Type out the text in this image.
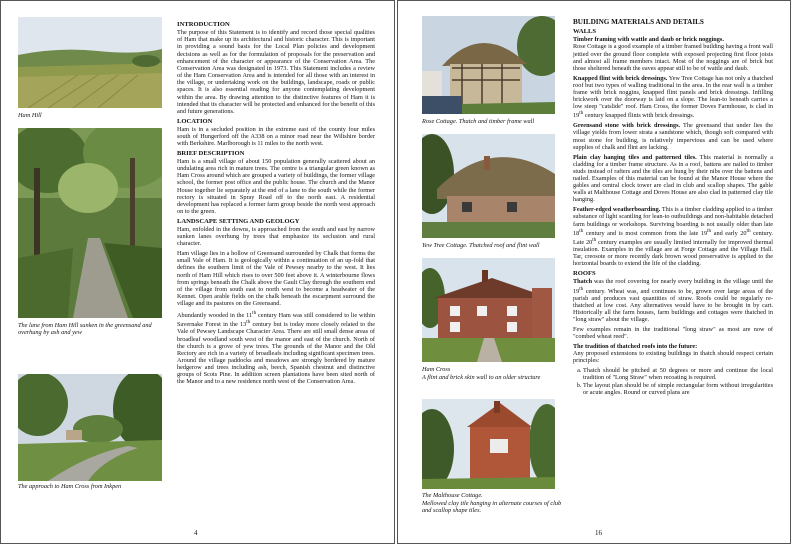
Ham Hill
The lane from Ham Hill sunken in the greensand and overhung by ash and yew
The approach to Ham Cross from Inkpen
INTRODUCTION

The purpose of this Statement is to identify and record those special qualities of Ham that make up its architectural and historic character. This is important in providing a sound basis for the Local Plan policies and development decisions as well as for the formulation of proposals for the preservation and enhancement of the character or appearance of the Conservation Area. The Conservation Area was designated in 1973. This Statement includes a review of the Ham Conservation Area and is intended for all those with an interest in the village, or undertaking work on the buildings, landscape, roads or public spaces. It is also essential reading for anyone contemplating development within the area. By drawing attention to the distinctive features of Ham it is intended that its character will be protected and enhanced for the benefit of this and future generations.

LOCATION

Ham is in a secluded position in the extreme east of the county four miles south of Hungerford off the A338 on a minor road near the Wiltshire border with Berkshire. Marlborough is 11 miles to the north west.

BRIEF DESCRIPTION

Ham is a small village of about 150 population generally scattered about an undulating area rich in mature trees. The centre is a triangular green known as Ham Cross around which are grouped a variety of buildings, the former village school, the former post office and the public house. The church and the Manor House together lie separately at the end of a lane to the south while the former rectory is situated in Spray Road off to the north east. A residential development has replaced a former farm group beside the north west approach on to the green.

LANDSCAPE SETTING AND GEOLOGY

Ham, enfolded in the downs, is approached from the south and east by narrow sunken lanes overhung by trees that emphasize its seclusion and rural character.

Ham village lies in a hollow of Greensand surrounded by Chalk that forms the small Vale of Ham. It is geologically within a continuation of an up-fold that defines the southern limit of the Vale of Pewsey nearby to the west. It lies north of Ham Hill which rises to over 500 feet above it. A winterbourne flows from springs beneath the Chalk above the Gault Clay through the southern end of the village from south east to north west to become a headwater of the Kennet. Open arable fields on the chalk beneath the escarpment surround the village and its pastures on the Greensand.

Abundantly wooded in the 11th century Ham was still considered to lie within Savernake Forest in the 13th century but is today more closely related to the Vale of Pewsey Landscape Character Area. There are still small dense areas of broadleaf woodland south west of the manor and east of the church. North of the church is a grove of yew trees. The grounds of the Manor and the Old Rectory are rich in a variety of broadleafs including significant specimen trees. Around the village paddocks and meadows are strongly bordered by mature hedgerow and trees including ash, beech, Spanish chestnut and distinctive groups of Scots Pine. In addition screen plantations have been sited north of the Manor and to a new residence north west of the Conservation Area.

4
Rose Cottage. Thatch and timber frame wall
Yew Tree Cottage. Thatched roof and flint wall
Ham Cross
A flint and brick skin wall to an older structure
The Malthouse Cottage.
Mellowed clay tile hanging in alternate courses of club and scallop shape tiles.
BUILDING MATERIALS AND DETAILS
WALLS

Timber framing with wattle and daub or brick noggings.
Rose Cottage is a good example of a timber framed building having a front wall jettied over the ground floor complete with exposed projecting first floor joists and almost all frame members intact. Most of the noggings are of brick but those sheltered beneath the eaves appear still to be of wattle and daub.

Knapped flint with brick dressings. Yew Tree Cottage has not only a thatched roof but two types of walling traditional in the area. In the rear wall is a timber frame with brick noggins, knapped flint panels and brick dressings. Infilling brickwork over the doorway is laid on a slope. The lean-to beneath carries a low steep "catslide" roof. Ham Cross, the former Doves Farmhouse, is clad in 19th century knapped flints with brick dressings.

Greensand stone with brick dressings. The greensand that under lies the village yields from lower strata a sandstone which, though soft compared with most stone for building, is relatively impervious and can be used where supplies of chalk and flint are lacking.

Plain clay hanging tiles and patterned tiles. This material is normally a cladding for a timber frame structure. As in a roof, battens are nailed to timber studs instead of rafters and the tiles are hung by their nibs over the battens and nailed. Examples of this material can be found at the Manor House where the gables and central clock tower are clad in club and scallop shapes. The gable walls at Malthouse Cottage and Doves House are also clad in patterned clay tile hanging.

Feather-edged weatherboarding. This is a timber cladding applied to a timber substance of light scantling for lean-to outbuildings and non-habitable detached farm buildings or workshops. Surviving boarding is not usually older than late 18th century and is most common from the late 19th and early 20th century. Late 20th century examples are usually limited internally for improved thermal insulation. Examples in the village are at Forge Cottage and the Village Hall. Tar, creosote or more recently dark brown wood preservative is applied to the horizontal boards to extend the life of the cladding.

ROOFS

Thatch was the roof covering for nearly every building in the village until the 19th century. Wheat was, and continues to be, grown over large areas of the parish and produces vast quantities of straw. Roofs could be regularly re-thatched at low cost. Any alternatives would have to be brought in by cart. Historically all the farm houses, farm buildings and cottages were thatched in "long straw" about the village.

Few examples remain in the traditional "long straw" as most are now of "combed wheat reed".

The tradition of thatched roofs into the future:
Any proposed extensions to existing buildings in thatch should respect certain principles:

a. Thatch should be pitched at 50 degrees or more and continue the local tradition of "Long Straw" when recoating is required.
b. The layout plan should be of simple rectangular form without irregularities or acute angles. Round or curved plans are
16
